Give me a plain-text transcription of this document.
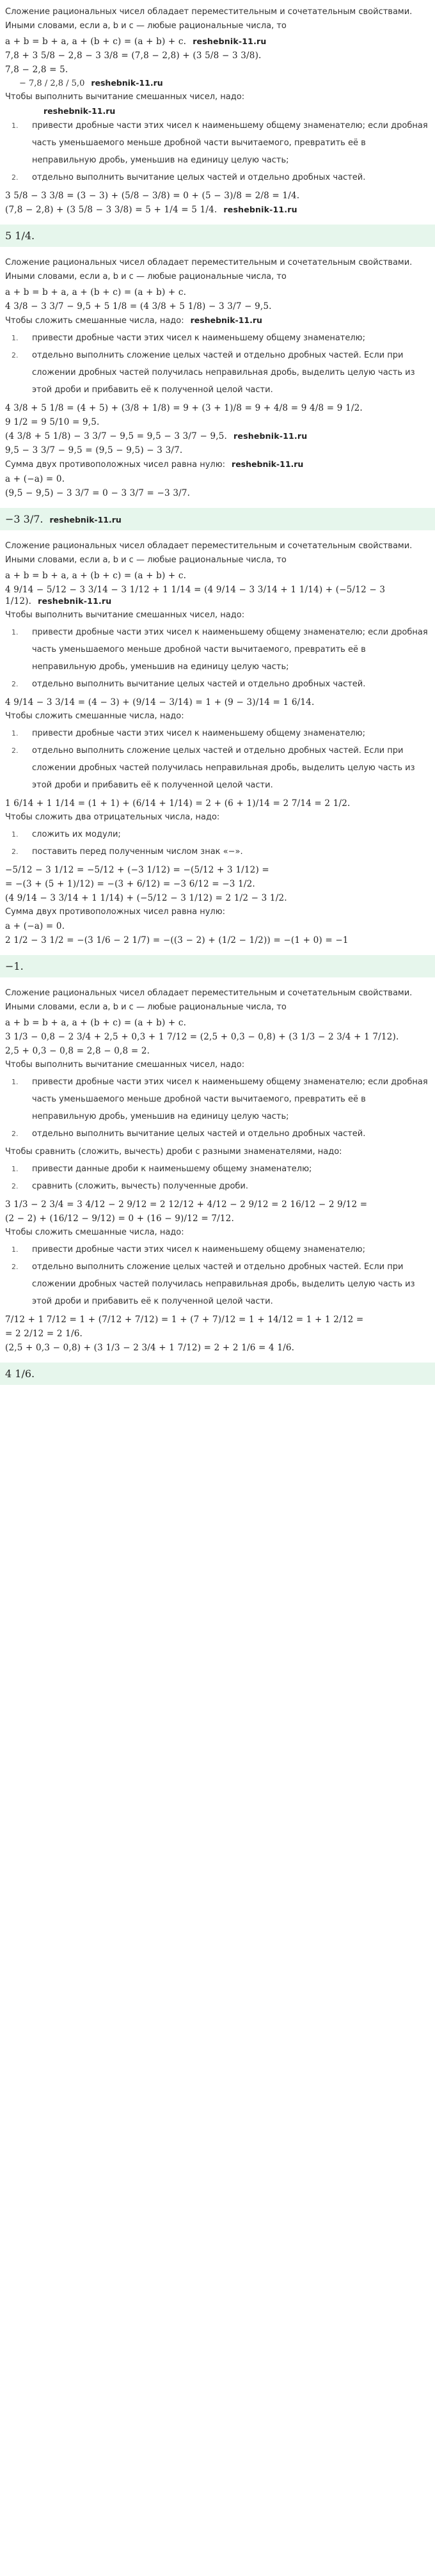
Сложение рациональных чисел обладает переместительным и сочетательным свойствами. Иными словами, если a, b и c — любые рациональные числа, то
a + b = b + a, a + (b + c) = (a + b) + c. reshebnik-11.ru
7,8 + 3 5/8 − 2,8 − 3 3/8 = (7,8 − 2,8) + (3 5/8 − 3 3/8).
7,8 − 2,8 = 5.
− 7,8 / 2,8 / 5,0 reshebnik-11.ru
Чтобы выполнить вычитание смешанных чисел, надо:
reshebnik-11.ru
1. привести дробные части этих чисел к наименьшему общему знаменателю; если дробная часть уменьшаемого меньше дробной части вычитаемого, превратить её в неправильную дробь, уменьшив на единицу целую часть;
2. отдельно выполнить вычитание целых частей и отдельно дробных частей.
3 5/8 − 3 3/8 = (3 − 3) + (5/8 − 3/8) = 0 + (5 − 3)/8 = 2/8 = 1/4.
(7,8 − 2,8) + (3 5/8 − 3 3/8) = 5 + 1/4 = 5 1/4. reshebnik-11.ru
5 1/4.
Сложение рациональных чисел обладает переместительным и сочетательным свойствами. Иными словами, если a, b и c — любые рациональные числа, то
a + b = b + a, a + (b + c) = (a + b) + c.
4 3/8 − 3 3/7 − 9,5 + 5 1/8 = (4 3/8 + 5 1/8) − 3 3/7 − 9,5.
Чтобы сложить смешанные числа, надо: reshebnik-11.ru
1. привести дробные части этих чисел к наименьшему общему знаменателю;
2. отдельно выполнить сложение целых частей и отдельно дробных частей. Если при сложении дробных частей получилась неправильная дробь, выделить целую часть из этой дроби и прибавить её к полученной целой части.
4 3/8 + 5 1/8 = (4 + 5) + (3/8 + 1/8) = 9 + (3 + 1)/8 = 9 + 4/8 = 9 4/8 = 9 1/2.
9 1/2 = 9 5/10 = 9,5.
(4 3/8 + 5 1/8) − 3 3/7 − 9,5 = 9,5 − 3 3/7 − 9,5. reshebnik-11.ru
9,5 − 3 3/7 − 9,5 = (9,5 − 9,5) − 3 3/7.
Сумма двух противоположных чисел равна нулю: reshebnik-11.ru
a + (−a) = 0.
(9,5 − 9,5) − 3 3/7 = 0 − 3 3/7 = −3 3/7.
−3 3/7. reshebnik-11.ru
Сложение рациональных чисел обладает переместительным и сочетательным свойствами. Иными словами, если a, b и c — любые рациональные числа, то
a + b = b + a, a + (b + c) = (a + b) + c.
4 9/14 − 5/12 − 3 3/14 − 3 1/12 + 1 1/14 = (4 9/14 − 3 3/14 + 1 1/14) + (−5/12 − 3 1/12). reshebnik-11.ru
Чтобы выполнить вычитание смешанных чисел, надо:
1. привести дробные части этих чисел к наименьшему общему знаменателю; если дробная часть уменьшаемого меньше дробной части вычитаемого, превратить её в неправильную дробь, уменьшив на единицу целую часть;
2. отдельно выполнить вычитание целых частей и отдельно дробных частей.
4 9/14 − 3 3/14 = (4 − 3) + (9/14 − 3/14) = 1 + (9 − 3)/14 = 1 6/14.
Чтобы сложить смешанные числа, надо:
1. привести дробные части этих чисел к наименьшему общему знаменателю;
2. отдельно выполнить сложение целых частей и отдельно дробных частей. Если при сложении дробных частей получилась неправильная дробь, выделить целую часть из этой дроби и прибавить её к полученной целой части.
1 6/14 + 1 1/14 = (1 + 1) + (6/14 + 1/14) = 2 + (6 + 1)/14 = 2 7/14 = 2 1/2.
Чтобы сложить два отрицательных числа, надо:
1. сложить их модули;
2. поставить перед полученным числом знак «−».
−5/12 − 3 1/12 = −5/12 + (−3 1/12) = −(5/12 + 3 1/12) =
= −(3 + (5 + 1)/12) = −(3 + 6/12) = −3 6/12 = −3 1/2.
(4 9/14 − 3 3/14 + 1 1/14) + (−5/12 − 3 1/12) = 2 1/2 − 3 1/2.
Сумма двух противоположных чисел равна нулю:
a + (−a) = 0.
2 1/2 − 3 1/2 = −(3 1/6 − 2 1/7) = −((3 − 2) + (1/2 − 1/2)) = −(1 + 0) = −1
−1.
Сложение рациональных чисел обладает переместительным и сочетательным свойствами. Иными словами, если a, b и c — любые рациональные числа, то
a + b = b + a, a + (b + c) = (a + b) + c.
3 1/3 − 0,8 − 2 3/4 + 2,5 + 0,3 + 1 7/12 = (2,5 + 0,3 − 0,8) + (3 1/3 − 2 3/4 + 1 7/12).
2,5 + 0,3 − 0,8 = 2,8 − 0,8 = 2.
Чтобы выполнить вычитание смешанных чисел, надо:
1. привести дробные части этих чисел к наименьшему общему знаменателю; если дробная часть уменьшаемого меньше дробной части вычитаемого, превратить её в неправильную дробь, уменьшив на единицу целую часть;
2. отдельно выполнить вычитание целых частей и отдельно дробных частей.
Чтобы сравнить (сложить, вычесть) дроби с разными знаменателями, надо:
1. привести данные дроби к наименьшему общему знаменателю;
2. сравнить (сложить, вычесть) полученные дроби.
3 1/3 − 2 3/4 = 3 4/12 − 2 9/12 = 2 12/12 + 4/12 − 2 9/12 = 2 16/12 − 2 9/12 =
(2 − 2) + (16/12 − 9/12) = 0 + (16 − 9)/12 = 7/12.
Чтобы сложить смешанные числа, надо:
1. привести дробные части этих чисел к наименьшему общему знаменателю;
2. отдельно выполнить сложение целых частей и отдельно дробных частей. Если при сложении дробных частей получилась неправильная дробь, выделить целую часть из этой дроби и прибавить её к полученной целой части.
7/12 + 1 7/12 = 1 + (7/12 + 7/12) = 1 + (7 + 7)/12 = 1 + 14/12 = 1 + 1 2/12 =
= 2 2/12 = 2 1/6.
(2,5 + 0,3 − 0,8) + (3 1/3 − 2 3/4 + 1 7/12) = 2 + 2 1/6 = 4 1/6.
4 1/6.
